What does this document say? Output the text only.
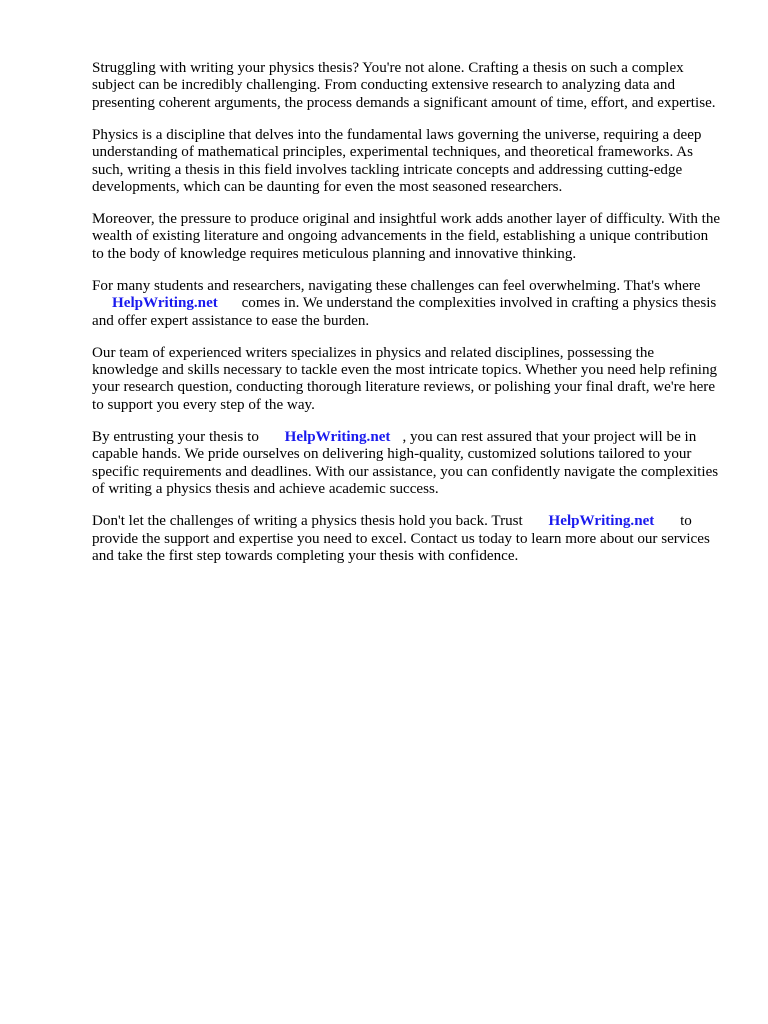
Struggling with writing your physics thesis? You're not alone. Crafting a thesis on such a complex subject can be incredibly challenging. From conducting extensive research to analyzing data and presenting coherent arguments, the process demands a significant amount of time, effort, and expertise.

Physics is a discipline that delves into the fundamental laws governing the universe, requiring a deep understanding of mathematical principles, experimental techniques, and theoretical frameworks. As such, writing a thesis in this field involves tackling intricate concepts and addressing cutting-edge developments, which can be daunting for even the most seasoned researchers.

Moreover, the pressure to produce original and insightful work adds another layer of difficulty. With the wealth of existing literature and ongoing advancements in the field, establishing a unique contribution to the body of knowledge requires meticulous planning and innovative thinking.

For many students and researchers, navigating these challenges can feel overwhelming. That's where
HelpWriting.net comes in. We understand the complexities involved in crafting a physics thesis and offer expert assistance to ease the burden.

Our team of experienced writers specializes in physics and related disciplines, possessing the knowledge and skills necessary to tackle even the most intricate topics. Whether you need help refining your research question, conducting thorough literature reviews, or polishing your final draft, we're here to support you every step of the way.

By entrusting your thesis to HelpWriting.net , you can rest assured that your project will be in capable hands. We pride ourselves on delivering high-quality, customized solutions tailored to your specific requirements and deadlines. With our assistance, you can confidently navigate the complexities of writing a physics thesis and achieve academic success.

Don't let the challenges of writing a physics thesis hold you back. Trust HelpWriting.net to provide the support and expertise you need to excel. Contact us today to learn more about our services and take the first step towards completing your thesis with confidence.
